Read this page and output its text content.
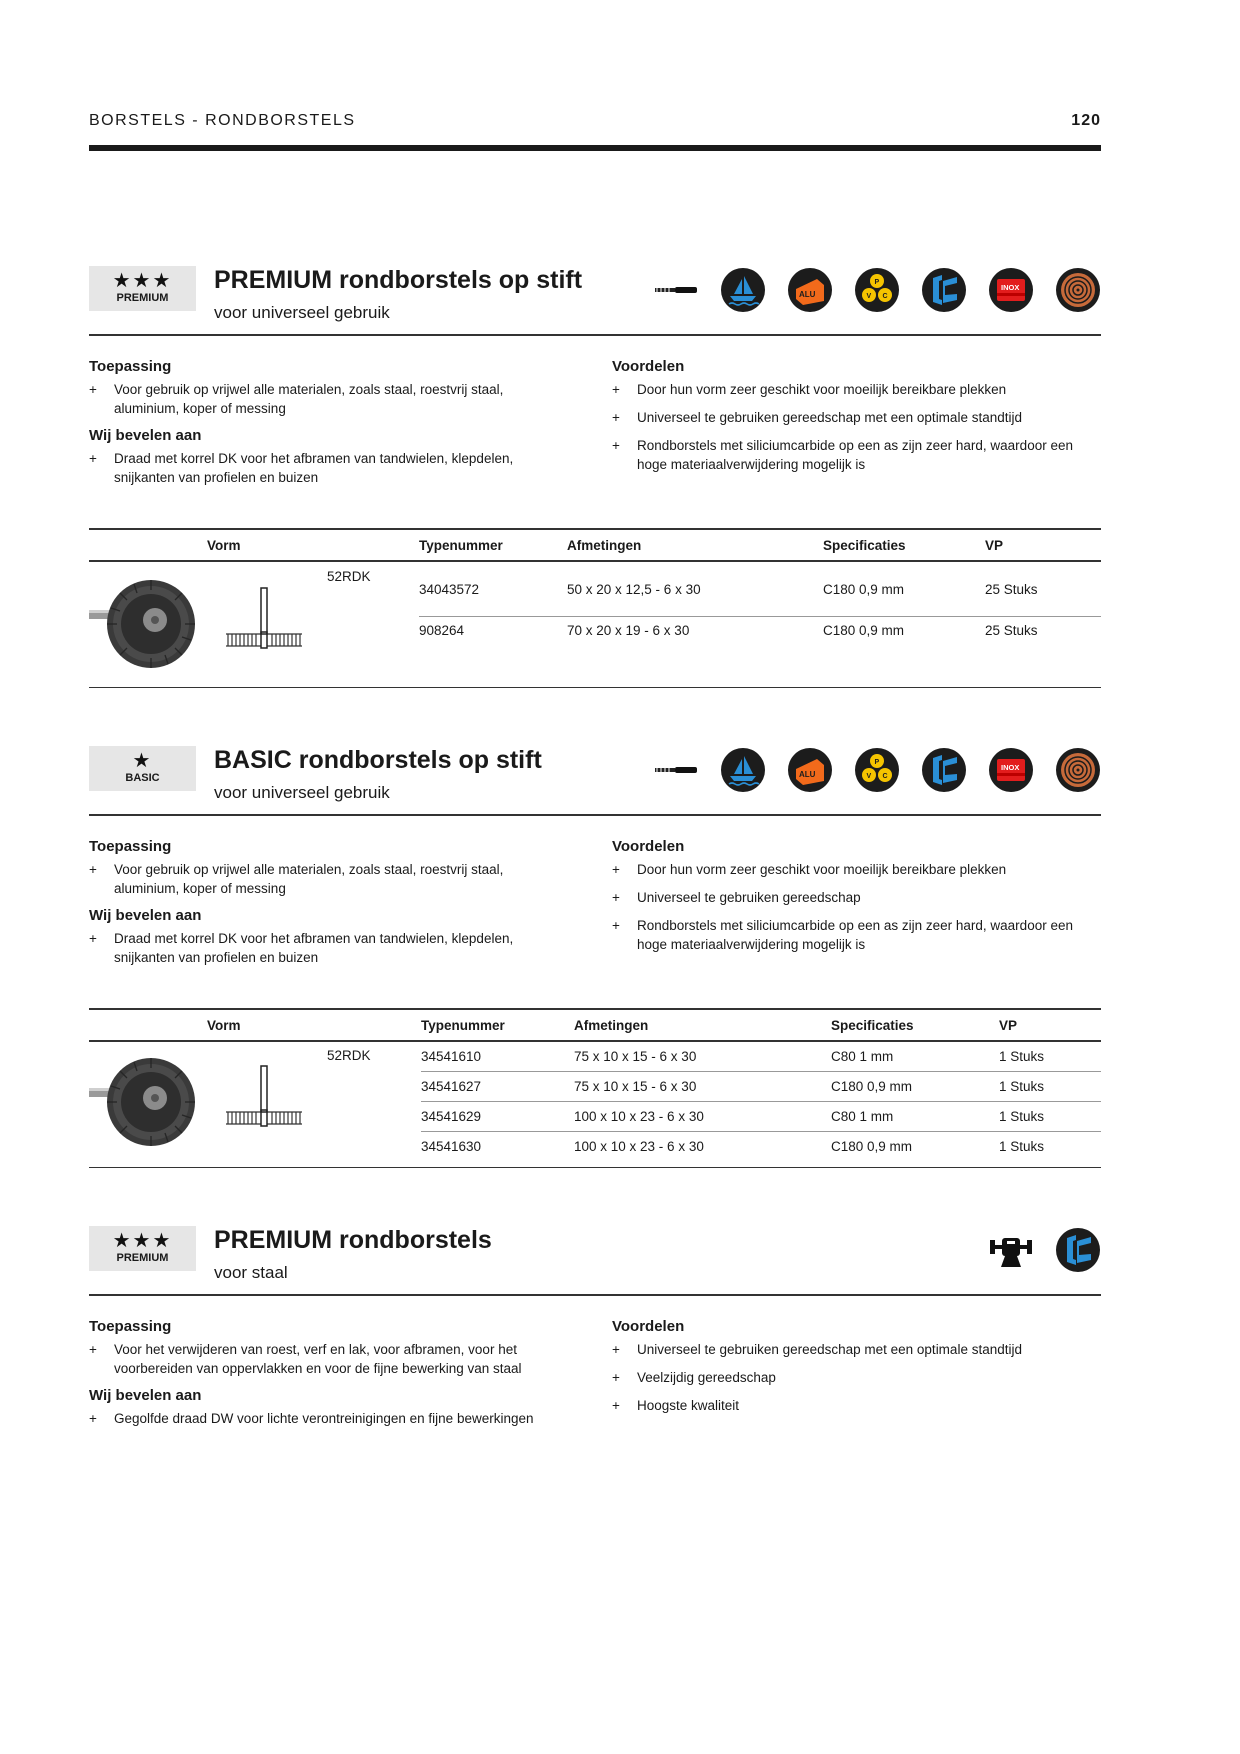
BORSTELS - RONDBORSTELS	120
★★★
PREMIUM
PREMIUM rondborstels op stift
voor universeel gebruik
ALU
P
V C
INOX
Toepassing
+ Voor gebruik op vrijwel alle materialen, zoals staal, roestvrij staal, aluminium, koper of messing
Wij bevelen aan
+ Draad met korrel DK voor het afbramen van tandwielen, klepdelen, snijkanten van profielen en buizen
Voordelen
+ Door hun vorm zeer geschikt voor moeilijk bereikbare plekken
+ Universeel te gebruiken gereedschap met een optimale standtijd
+ Rondborstels met siliciumcarbide op een as zijn zeer hard, waardoor een hoge materiaalverwijdering mogelijk is
Vorm	Typenummer	Afmetingen	Specificaties	VP

52RDK	34043572	50 x 20 x 12,5 - 6 x 30	C180 0,9 mm	25 Stuks
	908264	70 x 20 x 19 - 6 x 30	C180 0,9 mm	25 Stuks
★
BASIC
BASIC rondborstels op stift
voor universeel gebruik
ALU
P
V C
INOX
Toepassing
+ Voor gebruik op vrijwel alle materialen, zoals staal, roestvrij staal, aluminium, koper of messing
Wij bevelen aan
+ Draad met korrel DK voor het afbramen van tandwielen, klepdelen, snijkanten van profielen en buizen
Voordelen
+ Door hun vorm zeer geschikt voor moeilijk bereikbare plekken
+ Universeel te gebruiken gereedschap
+ Rondborstels met siliciumcarbide op een as zijn zeer hard, waardoor een hoge materiaalverwijdering mogelijk is
Vorm	Typenummer	Afmetingen	Specificaties	VP

52RDK	34541610	75 x 10 x 15 - 6 x 30	C80 1 mm	1 Stuks
	34541627	75 x 10 x 15 - 6 x 30	C180 0,9 mm	1 Stuks
	34541629	100 x 10 x 23 - 6 x 30	C80 1 mm	1 Stuks
	34541630	100 x 10 x 23 - 6 x 30	C180 0,9 mm	1 Stuks
★★★
PREMIUM
PREMIUM rondborstels
voor staal
Toepassing
+ Voor het verwijderen van roest, verf en lak, voor afbramen, voor het voorbereiden van oppervlakken en voor de fijne bewerking van staal
Wij bevelen aan
+ Gegolfde draad DW voor lichte verontreinigingen en fijne bewerkingen
Voordelen
+ Universeel te gebruiken gereedschap met een optimale standtijd
+ Veelzijdig gereedschap
+ Hoogste kwaliteit
